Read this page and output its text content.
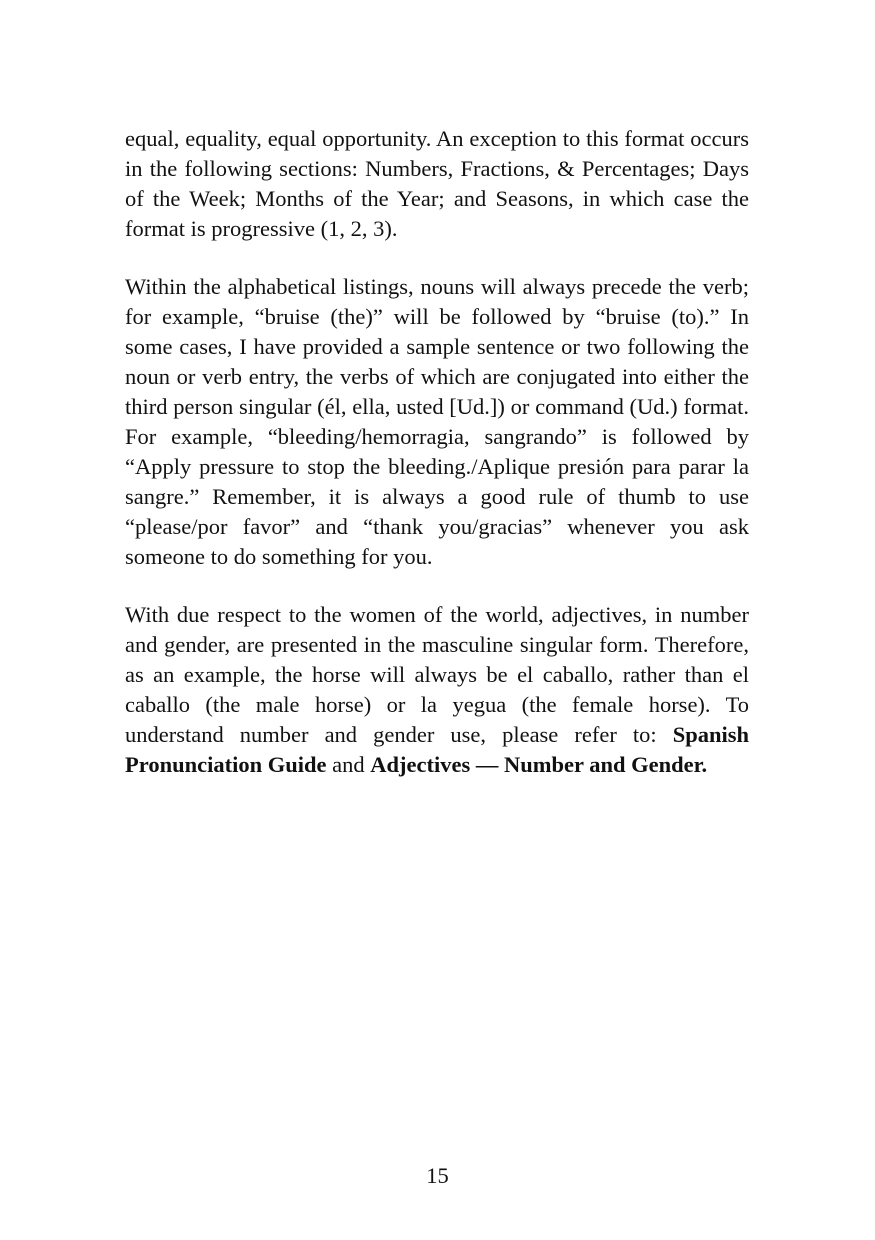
equal, equality, equal opportunity. An exception to this format occurs in the following sections: Numbers, Fractions, & Percentages; Days of the Week; Months of the Year; and Seasons, in which case the format is progressive (1, 2, 3).

Within the alphabetical listings, nouns will always precede the verb; for example, “bruise (the)” will be followed by “bruise (to).” In some cases, I have provided a sample sentence or two following the noun or verb entry, the verbs of which are conjugated into either the third person singular (él, ella, usted [Ud.]) or command (Ud.) format. For example, “bleeding/hemorragia, sangrando” is followed by “Apply pressure to stop the bleeding./Aplique presión para parar la sangre.” Remember, it is always a good rule of thumb to use “please/por favor” and “thank you/gracias” whenever you ask someone to do something for you.

With due respect to the women of the world, adjectives, in number and gender, are presented in the masculine singular form. Therefore, as an example, the horse will always be el caballo, rather than el caballo (the male horse) or la yegua (the female horse). To understand number and gender use, please refer to: Spanish Pronunciation Guide and Adjectives — Number and Gender.

15
